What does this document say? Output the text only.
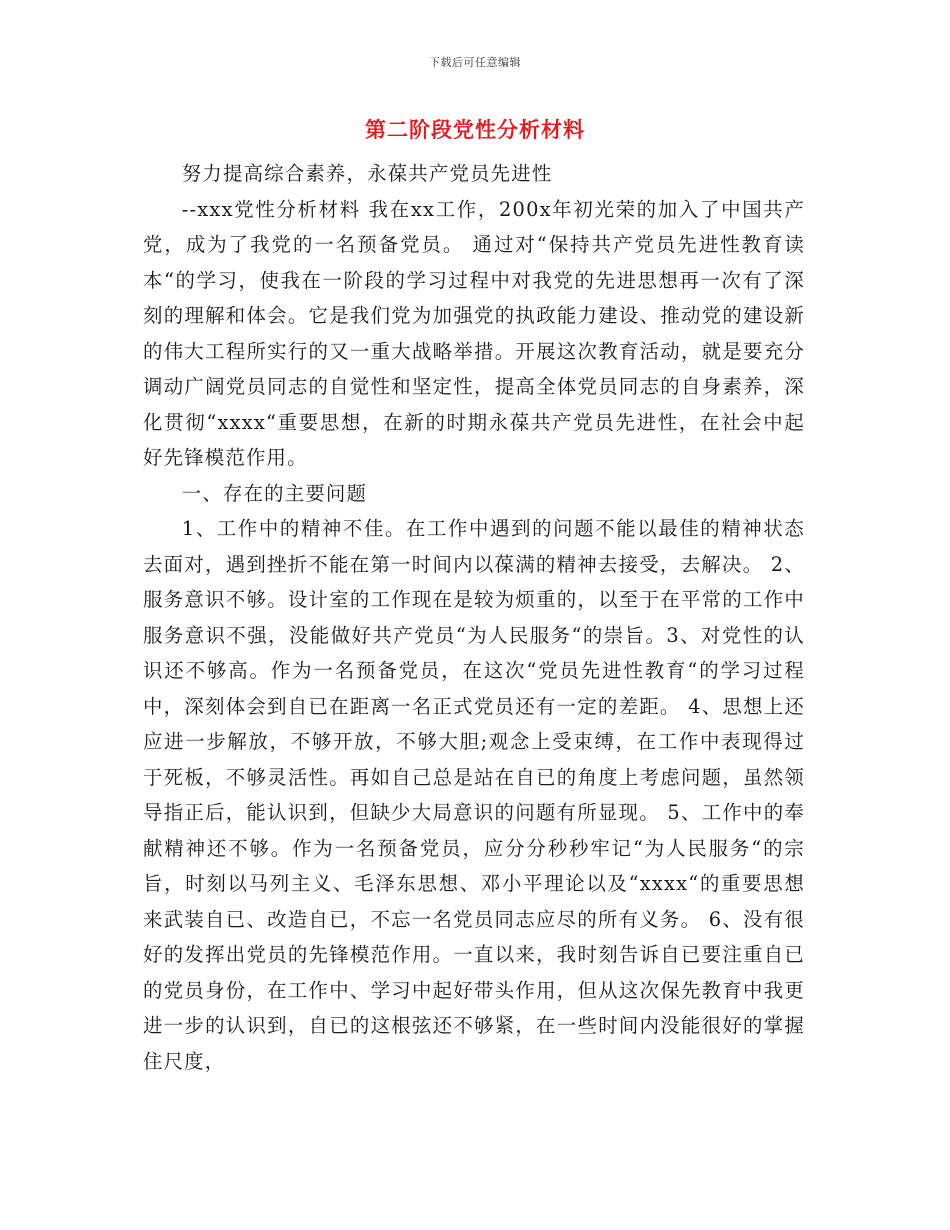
下载后可任意编辑
第二阶段党性分析材料

努力提高综合素养，永葆共产党员先进性

--xxx党性分析材料 我在xx工作，200x年初光荣的加入了中国共产党，成为了我党的一名预备党员。 通过对“保持共产党员先进性教育读本“的学习，使我在一阶段的学习过程中对我党的先进思想再一次有了深刻的理解和体会。它是我们党为加强党的执政能力建设、推动党的建设新的伟大工程所实行的又一重大战略举措。开展这次教育活动，就是要充分调动广阔党员同志的自觉性和坚定性，提高全体党员同志的自身素养，深化贯彻“xxxx“重要思想，在新的时期永葆共产党员先进性，在社会中起好先锋模范作用。

一、存在的主要问题

1、工作中的精神不佳。在工作中遇到的问题不能以最佳的精神状态去面对，遇到挫折不能在第一时间内以葆满的精神去接受，去解决。 2、服务意识不够。设计室的工作现在是较为烦重的，以至于在平常的工作中服务意识不强，没能做好共产党员“为人民服务“的崇旨。3、对党性的认识还不够高。作为一名预备党员，在这次“党员先进性教育“的学习过程中，深刻体会到自已在距离一名正式党员还有一定的差距。 4、思想上还应进一步解放，不够开放，不够大胆;观念上受束缚，在工作中表现得过于死板，不够灵活性。再如自己总是站在自已的角度上考虑问题，虽然领导指正后，能认识到，但缺少大局意识的问题有所显现。 5、工作中的奉献精神还不够。作为一名预备党员，应分分秒秒牢记“为人民服务“的宗旨，时刻以马列主义、毛泽东思想、邓小平理论以及“xxxx“的重要思想来武装自已、改造自已，不忘一名党员同志应尽的所有义务。 6、没有很好的发挥出党员的先锋模范作用。一直以来，我时刻告诉自已要注重自已的党员身份，在工作中、学习中起好带头作用，但从这次保先教育中我更进一步的认识到，自已的这根弦还不够紧，在一些时间内没能很好的掌握住尺度，
